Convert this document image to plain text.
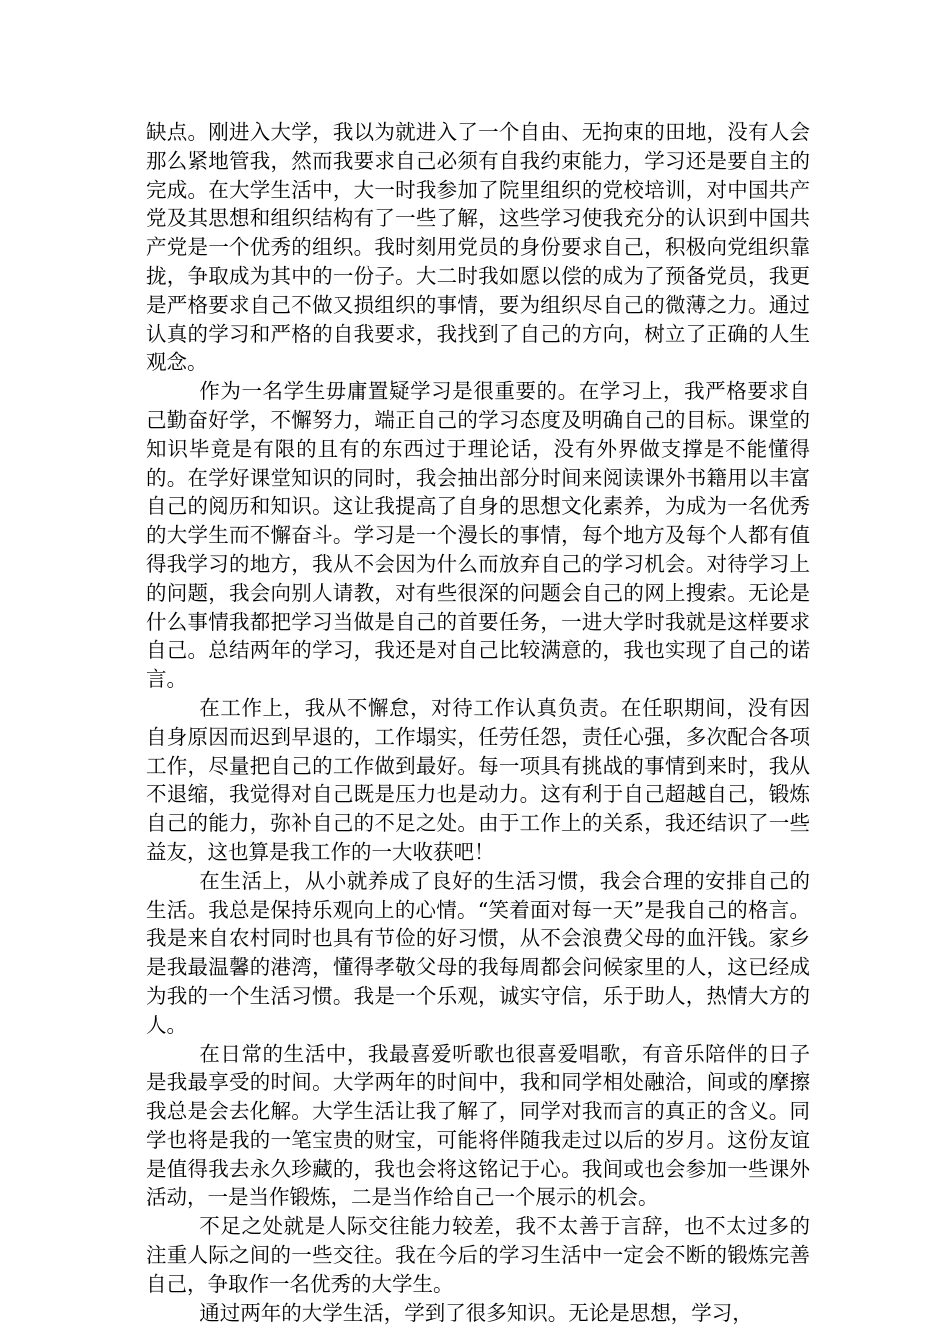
缺点。刚进入大学，我以为就进入了一个自由、无拘束的田地，没有人会那么紧地管我，然而我要求自己必须有自我约束能力，学习还是要自主的完成。在大学生活中，大一时我参加了院里组织的党校培训，对中国共产党及其思想和组织结构有了一些了解，这些学习使我充分的认识到中国共产党是一个优秀的组织。我时刻用党员的身份要求自己，积极向党组织靠拢，争取成为其中的一份子。大二时我如愿以偿的成为了预备党员，我更是严格要求自己不做又损组织的事情，要为组织尽自己的微薄之力。通过认真的学习和严格的自我要求，我找到了自己的方向，树立了正确的人生观念。

作为一名学生毋庸置疑学习是很重要的。在学习上，我严格要求自己勤奋好学，不懈努力，端正自己的学习态度及明确自己的目标。课堂的知识毕竟是有限的且有的东西过于理论话，没有外界做支撑是不能懂得的。在学好课堂知识的同时，我会抽出部分时间来阅读课外书籍用以丰富自己的阅历和知识。这让我提高了自身的思想文化素养，为成为一名优秀的大学生而不懈奋斗。学习是一个漫长的事情，每个地方及每个人都有值得我学习的地方，我从不会因为什么而放弃自己的学习机会。对待学习上的问题，我会向别人请教，对有些很深的问题会自己的网上搜索。无论是什么事情我都把学习当做是自己的首要任务，一进大学时我就是这样要求自己。总结两年的学习，我还是对自己比较满意的，我也实现了自己的诺言。

在工作上，我从不懈怠，对待工作认真负责。在任职期间，没有因自身原因而迟到早退的，工作塌实，任劳任怨，责任心强，多次配合各项工作，尽量把自己的工作做到最好。每一项具有挑战的事情到来时，我从不退缩，我觉得对自己既是压力也是动力。这有利于自己超越自己，锻炼自己的能力，弥补自己的不足之处。由于工作上的关系，我还结识了一些益友，这也算是我工作的一大收获吧！

在生活上，从小就养成了良好的生活习惯，我会合理的安排自己的生活。我总是保持乐观向上的心情。“笑着面对每一天”是我自己的格言。我是来自农村同时也具有节俭的好习惯，从不会浪费父母的血汗钱。家乡是我最温馨的港湾，懂得孝敬父母的我每周都会问候家里的人，这已经成为我的一个生活习惯。我是一个乐观，诚实守信，乐于助人，热情大方的人。

在日常的生活中，我最喜爱听歌也很喜爱唱歌，有音乐陪伴的日子是我最享受的时间。大学两年的时间中，我和同学相处融洽，间或的摩擦我总是会去化解。大学生活让我了解了，同学对我而言的真正的含义。同学也将是我的一笔宝贵的财宝，可能将伴随我走过以后的岁月。这份友谊是值得我去永久珍藏的，我也会将这铭记于心。我间或也会参加一些课外活动，一是当作锻炼，二是当作给自己一个展示的机会。

不足之处就是人际交往能力较差，我不太善于言辞，也不太过多的注重人际之间的一些交往。我在今后的学习生活中一定会不断的锻炼完善自己，争取作一名优秀的大学生。

通过两年的大学生活，学到了很多知识。无论是思想，学习，
